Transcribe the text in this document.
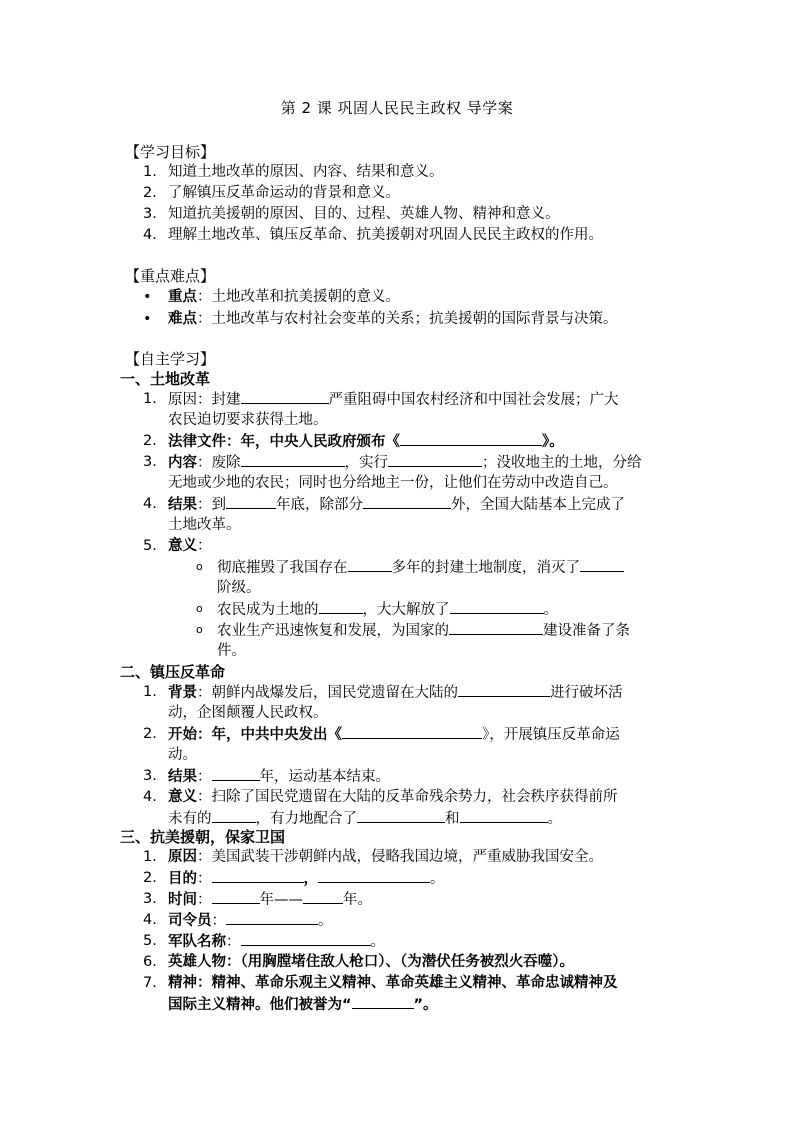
第 2 课 巩固人民民主政权 导学案
【学习目标】
1. 知道土地改革的原因、内容、结果和意义。
2. 了解镇压反革命运动的背景和意义。
3. 知道抗美援朝的原因、目的、过程、英雄人物、精神和意义。
4. 理解土地改革、镇压反革命、抗美援朝对巩固人民民主政权的作用。
【重点难点】
• 重点：土地改革和抗美援朝的意义。
• 难点：土地改革与农村社会变革的关系；抗美援朝的国际背景与决策。
【自主学习】
一、土地改革
1. 原因：封建	严重阻碍中国农村经济和中国社会发展；广大
农民迫切要求获得土地。
2. 法律文件：年，中央人民政府颁布《	》。
3. 内容：废除	，实行	；没收地主的土地，分给
无地或少地的农民；同时也分给地主一份，让他们在劳动中改造自己。
4. 结果：到	年底，除部分	外，全国大陆基本上完成了
土地改革。
5. 意义：
o 彻底摧毁了我国存在	多年的封建土地制度，消灭了
阶级。
o 农民成为土地的	，大大解放了	。
o 农业生产迅速恢复和发展，为国家的	建设准备了条
件。
二、镇压反革命
1. 背景：朝鲜内战爆发后，国民党遗留在大陆的	进行破坏活
动，企图颠覆人民政权。
2. 开始：年，中共中央发出《	》，开展镇压反革命运
动。
3. 结果：	年，运动基本结束。
4. 意义：扫除了国民党遗留在大陆的反革命残余势力，社会秩序获得前所
未有的	，有力地配合了	和	。
三、抗美援朝，保家卫国
1. 原因：美国武装干涉朝鲜内战，侵略我国边境，严重威胁我国安全。
2. 目的：	，	。
3. 时间：	年——	年。
4. 司令员：	。
5. 军队名称：	。
6. 英雄人物：（用胸膛堵住敌人枪口）、（为潜伏任务被烈火吞噬）。
7. 精神：精神、革命乐观主义精神、革命英雄主义精神、革命忠诚精神及
国际主义精神。他们被誉为“	”。
